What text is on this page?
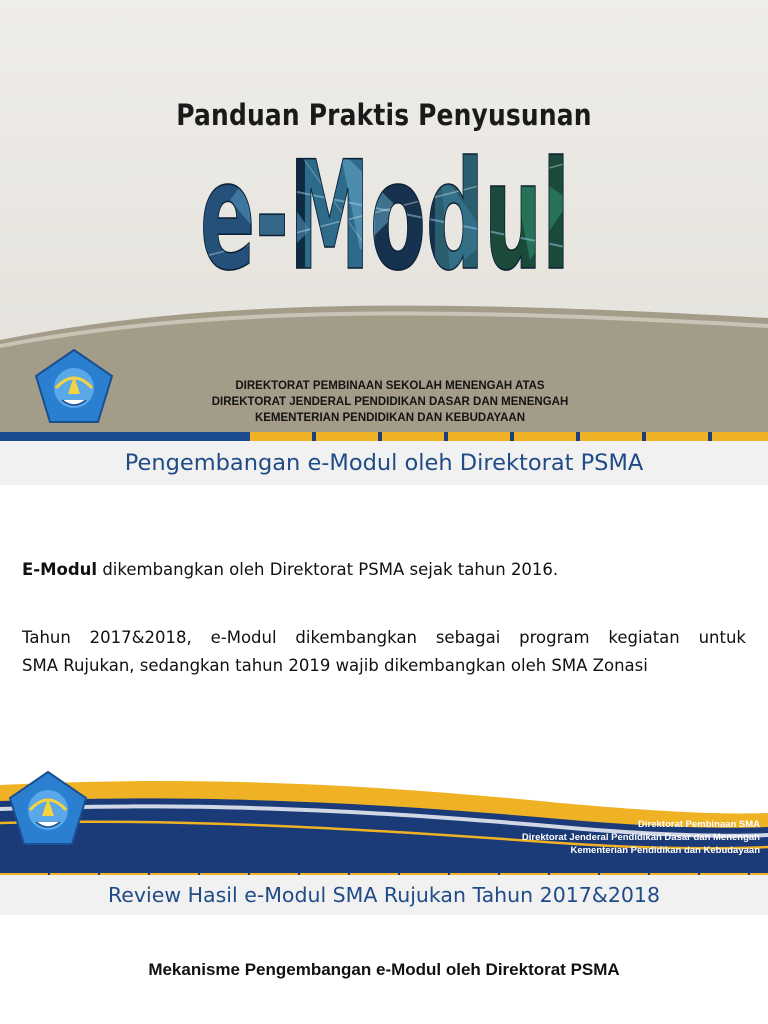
Panduan Praktis Penyusunan
e-Modul
DIREKTORAT PEMBINAAN SEKOLAH MENENGAH ATAS
DIREKTORAT JENDERAL PENDIDIKAN DASAR DAN MENENGAH
KEMENTERIAN PENDIDIKAN DAN KEBUDAYAAN
Pengembangan e-Modul oleh Direktorat PSMA
E-Modul dikembangkan oleh Direktorat PSMA sejak tahun 2016.
Tahun 2017&2018, e-Modul dikembangkan sebagai program kegiatan untuk
SMA Rujukan, sedangkan tahun 2019 wajib dikembangkan oleh SMA Zonasi
Direktorat Pembinaan SMA
Direktorat Jenderal Pendidikan Dasar dan Menengah
Kementerian Pendidikan dan Kebudayaan
Review Hasil e-Modul SMA Rujukan Tahun 2017&2018
Mekanisme Pengembangan e-Modul oleh Direktorat PSMA
